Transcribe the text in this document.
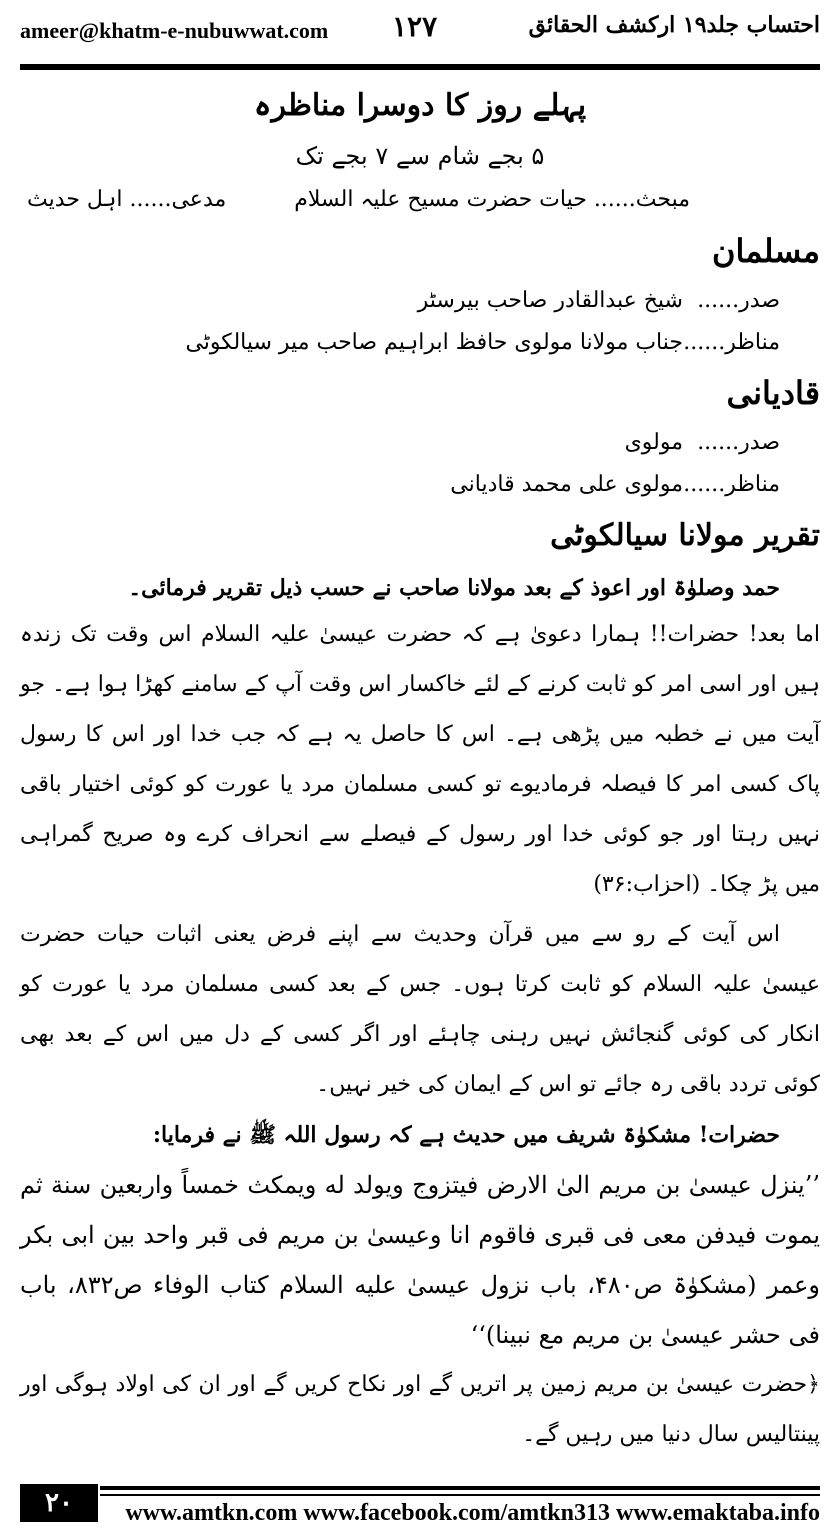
ameer@khatm-e-nubuwwat.com ۱۲۷	احتساب جلد۱۹ ارکشف الحقائق
پہلے روز کا دوسرا مناظرہ
۵ بجے شام سے ۷ بجے تک
مبحث...... حیات حضرت مسیح علیہ السلام  مدعی...... اہل حدیث
مسلمان
صدر...... شیخ عبدالقادر صاحب بیرسٹر
مناظر...... جناب مولانا مولوی حافظ ابراہیم صاحب میر سیالکوٹی
قادیانی
صدر...... مولوی
مناظر...... مولوی علی محمد قادیانی
تقریر مولانا سیالکوٹی
حمد وصلوٰۃ اور اعوذ کے بعد مولانا صاحب نے حسب ذیل تقریر فرمائی۔
اما بعد! حضرات!! ہمارا دعویٰ ہے کہ حضرت عیسیٰ علیہ السلام اس وقت تک زندہ ہیں اور اسی امر کو ثابت کرنے کے لئے خاکسار اس وقت آپ کے سامنے کھڑا ہوا ہے۔ جو آیت میں نے خطبہ میں پڑھی ہے۔ اس کا حاصل یہ ہے کہ جب خدا اور اس کا رسول پاک کسی امر کا فیصلہ فرمادیوے تو کسی مسلمان مرد یا عورت کو کوئی اختیار باقی نہیں رہتا اور جو کوئی خدا اور رسول کے فیصلے سے انحراف کرے وہ صریح گمراہی میں پڑ چکا۔ (احزاب:۳۶)
اس آیت کے رو سے میں قرآن وحدیث سے اپنے فرض یعنی اثبات حیات حضرت عیسیٰ علیہ السلام کو ثابت کرتا ہوں۔ جس کے بعد کسی مسلمان مرد یا عورت کو انکار کی کوئی گنجائش نہیں رہنی چاہئے اور اگر کسی کے دل میں اس کے بعد بھی کوئی تردد باقی رہ جائے تو اس کے ایمان کی خیر نہیں۔
حضرات! مشکوٰۃ شریف میں حدیث ہے کہ رسول اللہ ﷺ نے فرمایا:
’’ینزل عیسیٰ بن مریم الیٰ الارض فیتزوج ویولد له ویمکث خمساً واربعین سنة ثم یموت فیدفن معی فی قبری فاقوم انا وعیسیٰ بن مریم فی قبر واحد بین ابی بکر وعمر (مشکوٰۃ ص۴۸۰، باب نزول عیسیٰ علیه السلام کتاب الوفاء ص۸۳۲، باب فی حشر عیسیٰ بن مریم مع نبینا)‘‘
﴿حضرت عیسیٰ بن مریم زمین پر اتریں گے اور نکاح کریں گے اور ان کی اولاد ہوگی اور پینتالیس سال دنیا میں رہیں گے۔
۲۰	www.amtkn.com www.facebook.com/amtkn313 www.emaktaba.info
